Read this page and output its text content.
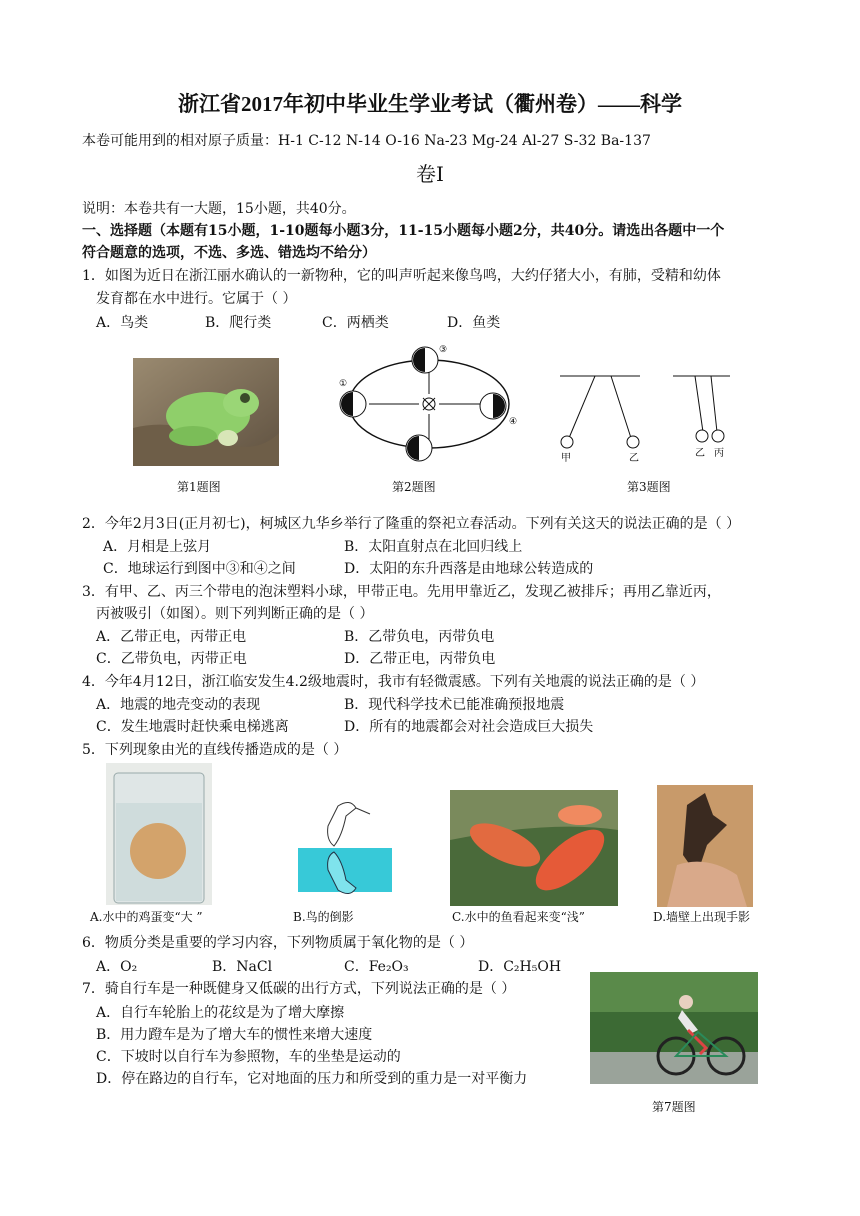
浙江省2017年初中毕业生学业考试（衢州卷）——科学
本卷可能用到的相对原子质量：H-1 C-12 N-14 O-16 Na-23 Mg-24 Al-27 S-32 Ba-137
卷Ⅰ
说明：本卷共有一大题，15小题，共40分。
一、选择题（本题有15小题，1-10题每小题3分，11-15小题每小题2分，共40分。请选出各题中一个
符合题意的选项，不选、多选、错选均不给分）
1．如图为近日在浙江丽水确认的一新物种，它的叫声听起来像鸟鸣，大约仔猪大小，有肺，受精和幼体
发育都在水中进行。它属于（ ）
A．鸟类	B．爬行类	C．两栖类	D．鱼类
第1题图
③
①
④
第2题图
甲	乙	乙 丙
第3题图
2．今年2月3日(正月初七)，柯城区九华乡举行了隆重的祭祀立春活动。下列有关这天的说法正确的是（ ）
A．月相是上弦月	B．太阳直射点在北回归线上
C．地球运行到图中③和④之间	D．太阳的东升西落是由地球公转造成的
3．有甲、乙、丙三个带电的泡沫塑料小球，甲带正电。先用甲靠近乙，发现乙被排斥；再用乙靠近丙，
丙被吸引（如图）。则下列判断正确的是（ ）
A．乙带正电，丙带正电	B．乙带负电，丙带负电
C．乙带负电，丙带正电	D．乙带正电，丙带负电
4．今年4月12日，浙江临安发生4.2级地震时，我市有轻微震感。下列有关地震的说法正确的是（ ）
A．地震的地壳变动的表现	B．现代科学技术已能准确预报地震
C．发生地震时赶快乘电梯逃离	D．所有的地震都会对社会造成巨大损失
5．下列现象由光的直线传播造成的是（ ）
A.水中的鸡蛋变“大 ”	B.鸟的倒影	C.水中的鱼看起来变“浅”	D.墙壁上出现手影
6．物质分类是重要的学习内容，下列物质属于氧化物的是（ ）
A．O₂	B．NaCl	C．Fe₂O₃	D．C₂H₅OH
7．骑自行车是一种既健身又低碳的出行方式，下列说法正确的是（ ）
A．自行车轮胎上的花纹是为了增大摩擦
B．用力蹬车是为了增大车的惯性来增大速度
C．下坡时以自行车为参照物，车的坐垫是运动的
D．停在路边的自行车，它对地面的压力和所受到的重力是一对平衡力
第7题图
